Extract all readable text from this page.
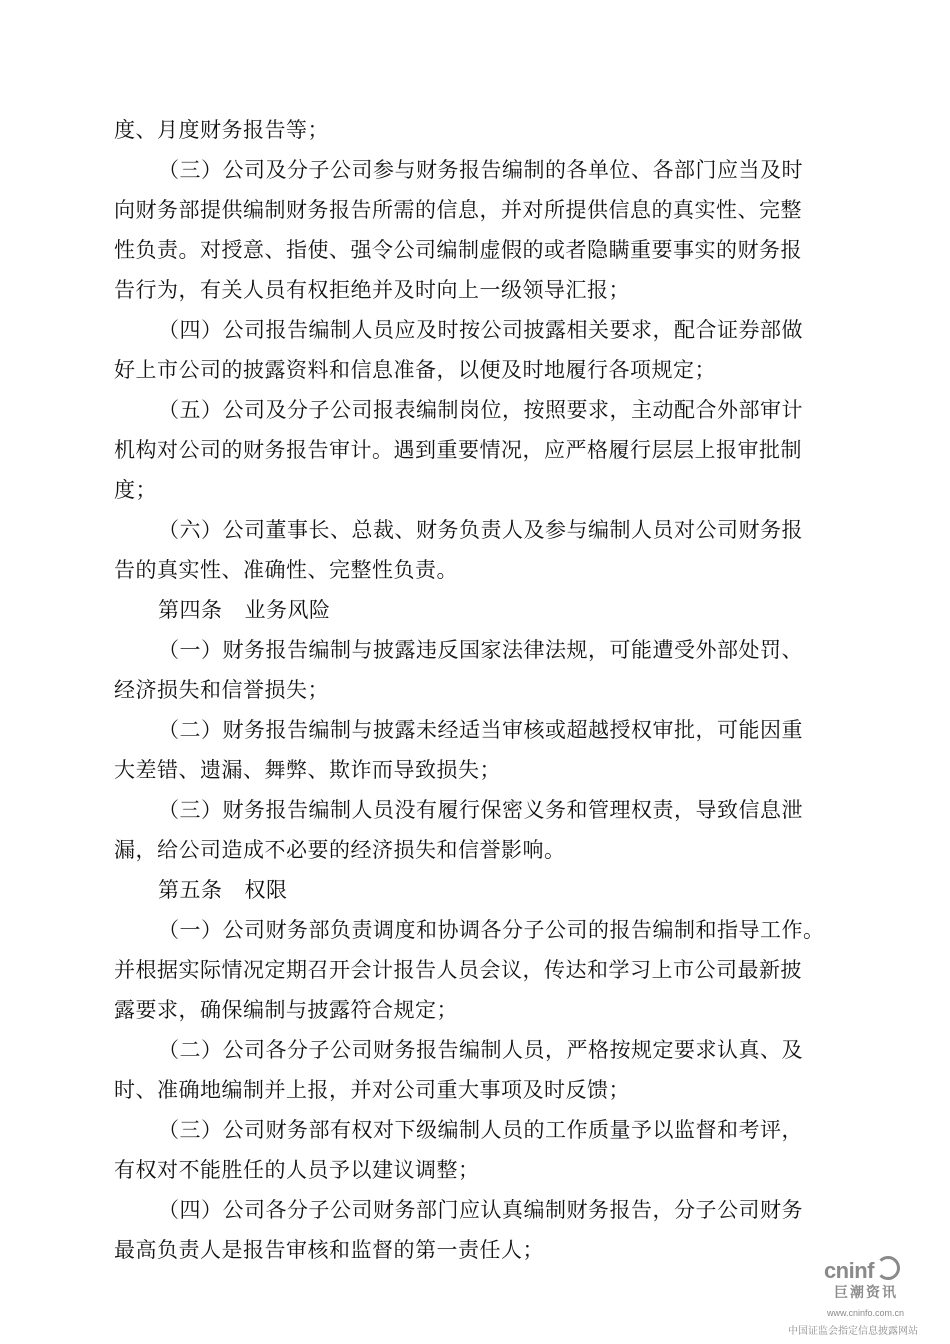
度、月度财务报告等；
（三）公司及分子公司参与财务报告编制的各单位、各部门应当及时
向财务部提供编制财务报告所需的信息，并对所提供信息的真实性、完整
性负责。对授意、指使、强令公司编制虚假的或者隐瞒重要事实的财务报
告行为，有关人员有权拒绝并及时向上一级领导汇报；
（四）公司报告编制人员应及时按公司披露相关要求，配合证券部做
好上市公司的披露资料和信息准备，以便及时地履行各项规定；
（五）公司及分子公司报表编制岗位，按照要求，主动配合外部审计
机构对公司的财务报告审计。遇到重要情况，应严格履行层层上报审批制
度；
（六）公司董事长、总裁、财务负责人及参与编制人员对公司财务报
告的真实性、准确性、完整性负责。
第四条 业务风险
（一）财务报告编制与披露违反国家法律法规，可能遭受外部处罚、
经济损失和信誉损失；
（二）财务报告编制与披露未经适当审核或超越授权审批，可能因重
大差错、遗漏、舞弊、欺诈而导致损失；
（三）财务报告编制人员没有履行保密义务和管理权责，导致信息泄
漏，给公司造成不必要的经济损失和信誉影响。
第五条 权限
（一）公司财务部负责调度和协调各分子公司的报告编制和指导工作。
并根据实际情况定期召开会计报告人员会议，传达和学习上市公司最新披
露要求，确保编制与披露符合规定；
（二）公司各分子公司财务报告编制人员，严格按规定要求认真、及
时、准确地编制并上报，并对公司重大事项及时反馈；
（三）公司财务部有权对下级编制人员的工作质量予以监督和考评，
有权对不能胜任的人员予以建议调整；
（四）公司各分子公司财务部门应认真编制财务报告，分子公司财务
最高负责人是报告审核和监督的第一责任人；
cninf
巨潮资讯
www.cninfo.com.cn
中国证监会指定信息披露网站
